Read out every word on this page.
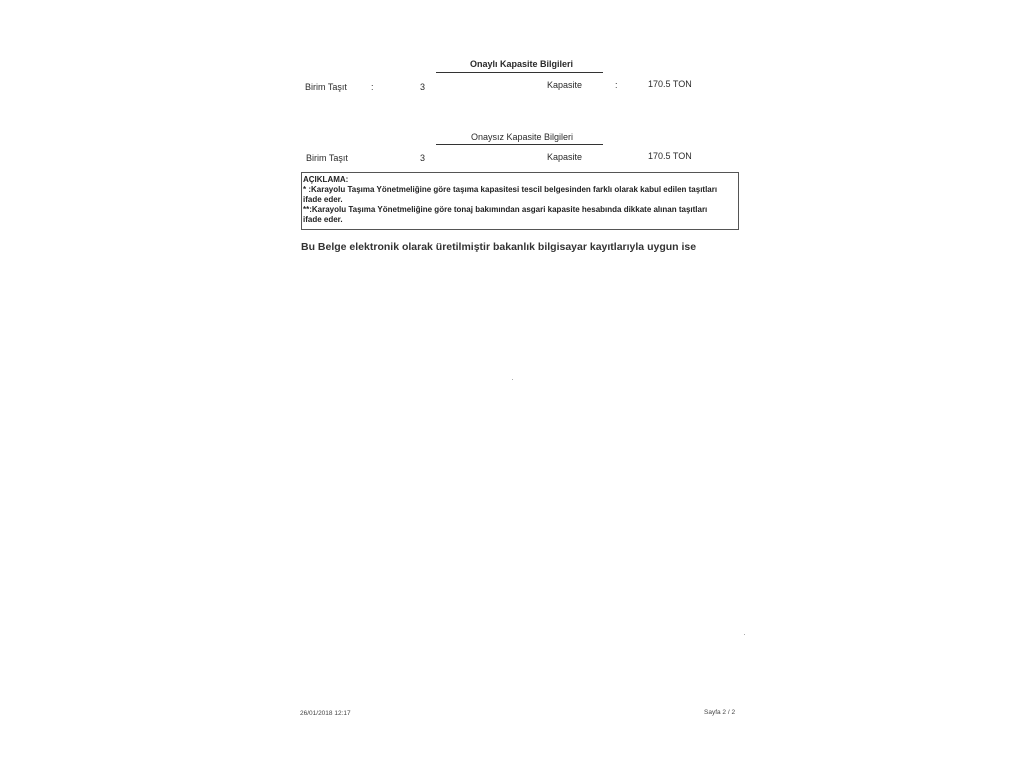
Onaylı Kapasite Bilgileri
Birim Taşıt	:	3	Kapasite	:	170.5 TON
Onaysız Kapasite Bilgileri
Birim Taşıt	3	Kapasite	170.5 TON
AÇIKLAMA:
* :Karayolu Taşıma Yönetmeliğine göre taşıma kapasitesi tescil belgesinden farklı olarak kabul edilen taşıtları
ifade eder.
**:Karayolu Taşıma Yönetmeliğine göre tonaj bakımından asgari kapasite hesabında dikkate alınan taşıtları
ifade eder.
Bu Belge elektronik olarak üretilmiştir bakanlık bilgisayar kayıtlarıyla uygun ise
26/01/2018 12:17	Sayfa 2 / 2
